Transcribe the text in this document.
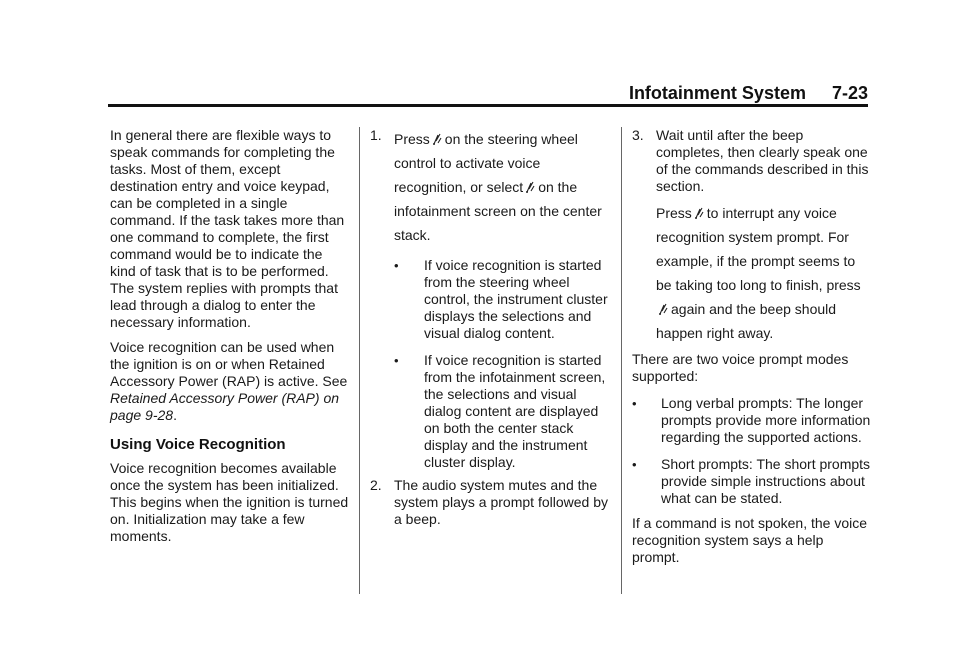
Infotainment System 7-23

In general there are flexible ways to speak commands for completing the tasks. Most of them, except destination entry and voice keypad, can be completed in a single command. If the task takes more than one command to complete, the first command would be to indicate the kind of task that is to be performed. The system replies with prompts that lead through a dialog to enter the necessary information.

Voice recognition can be used when the ignition is on or when Retained Accessory Power (RAP) is active. See Retained Accessory Power (RAP) on page 9-28.

Using Voice Recognition

Voice recognition becomes available once the system has been initialized. This begins when the ignition is turned on. Initialization may take a few moments.

1. Press on the steering wheel control to activate voice recognition, or select on the infotainment screen on the center stack.
•	If voice recognition is started from the steering wheel control, the instrument cluster displays the selections and visual dialog content.
•	If voice recognition is started from the infotainment screen, the selections and visual dialog content are displayed on both the center stack display and the instrument cluster display.
2. The audio system mutes and the system plays a prompt followed by a beep.
3. Wait until after the beep completes, then clearly speak one of the commands described in this section.
Press to interrupt any voice recognition system prompt. For example, if the prompt seems to be taking too long to finish, pressagain and the beep should happen right away.

There are two voice prompt modes supported:

•	Long verbal prompts: The longer prompts provide more information regarding the supported actions.
•	Short prompts: The short prompts provide simple instructions about what can be stated.

If a command is not spoken, the voice recognition system says a help prompt.
